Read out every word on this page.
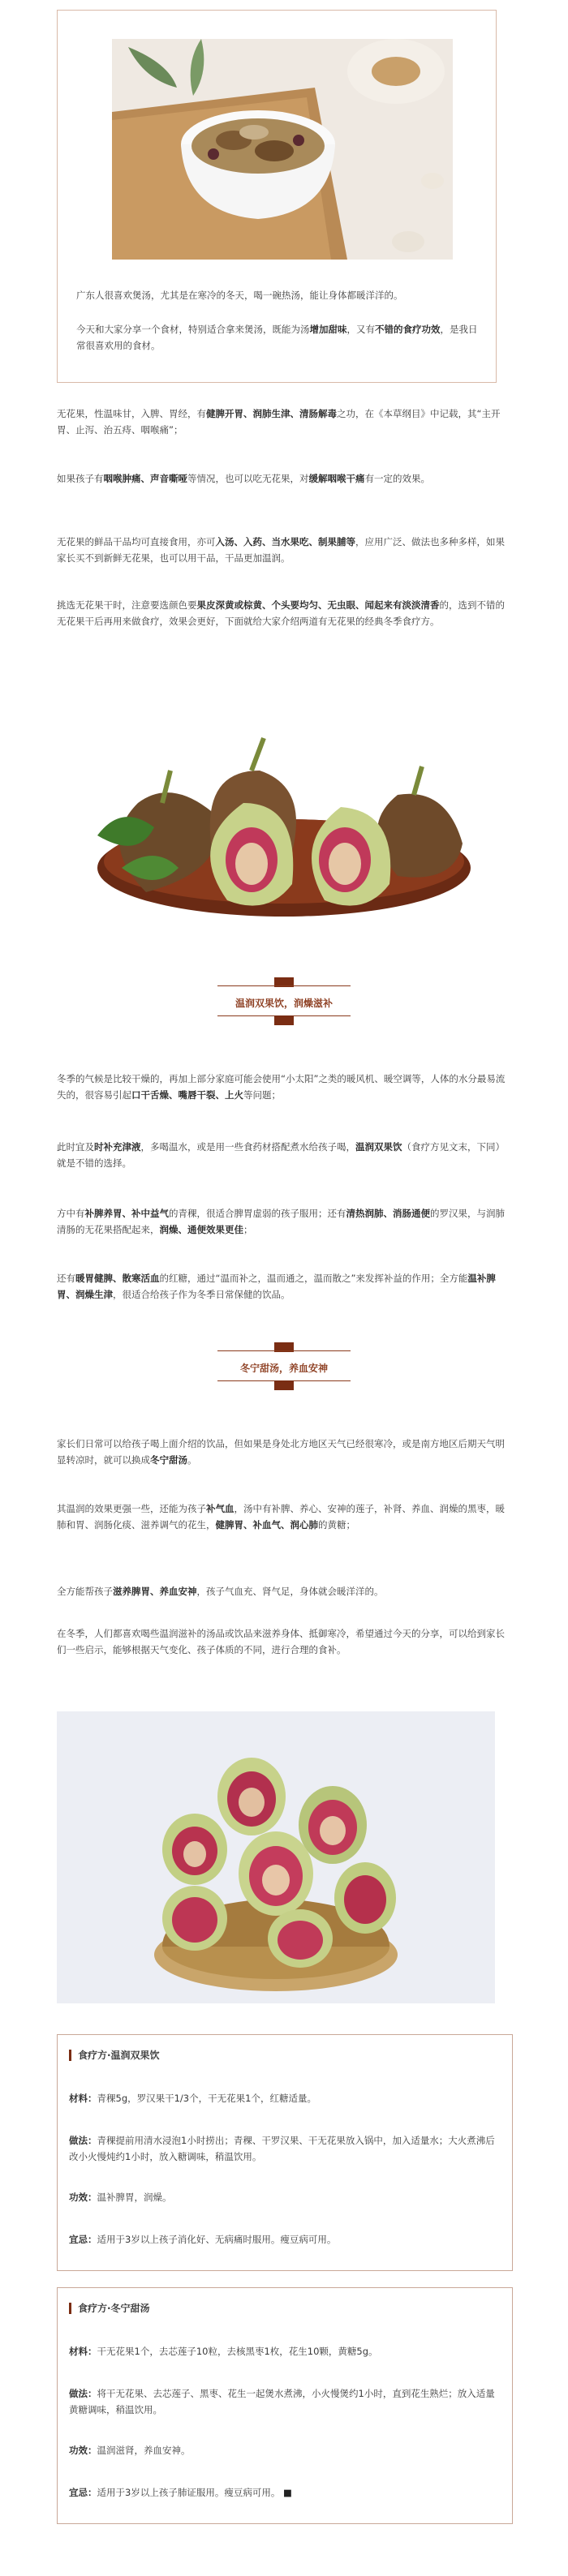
广东人很喜欢煲汤，尤其是在寒冷的冬天，喝一碗热汤，能让身体都暖洋洋的。
今天和大家分享一个食材，特别适合拿来煲汤，既能为汤增加甜味，又有不错的食疗功效，是我日常很喜欢用的食材。
无花果，性温味甘，入脾、胃经，有健脾开胃、润肺生津、清肠解毒之功，在《本草纲目》中记载，其“主开胃、止泻、治五痔、咽喉痛”；
如果孩子有咽喉肿痛、声音嘶哑等情况，也可以吃无花果，对缓解咽喉干痛有一定的效果。
无花果的鲜品干品均可直接食用，亦可入汤、入药、当水果吃、制果脯等，应用广泛、做法也多种多样，如果家长买不到新鲜无花果，也可以用干品，干品更加温润。
挑选无花果干时，注意要选颜色要果皮深黄或棕黄、个头要均匀、无虫眼、闻起来有淡淡清香的，选到不错的无花果干后再用来做食疗，效果会更好，下面就给大家介绍两道有无花果的经典冬季食疗方。
温润双果饮，润燥滋补
冬季的气候是比较干燥的，再加上部分家庭可能会使用“小太阳”之类的暖风机、暖空调等，人体的水分最易流失的，很容易引起口干舌燥、嘴唇干裂、上火等问题；
此时宜及时补充津液，多喝温水，或是用一些食药材搭配煮水给孩子喝，温润双果饮（食疗方见文末，下同）就是不错的选择。
方中有补脾养胃、补中益气的青稞，很适合脾胃虚弱的孩子服用；还有清热润肺、消肠通便的罗汉果，与润肺清肠的无花果搭配起来，润燥、通便效果更佳；
还有暖胃健脾、散寒活血的红糖，通过“温而补之，温而通之，温而散之”来发挥补益的作用；全方能温补脾胃、润燥生津，很适合给孩子作为冬季日常保健的饮品。
冬宁甜汤，养血安神
家长们日常可以给孩子喝上面介绍的饮品，但如果是身处北方地区天气已经很寒冷，或是南方地区后期天气明显转凉时，就可以换成冬宁甜汤。
其温润的效果更强一些，还能为孩子补气血，汤中有补脾、养心、安神的莲子，补肾、养血、润燥的黑枣，暖肺和胃、润肠化痰、滋养调气的花生，健脾胃、补血气、润心肺的黄糖；
全方能帮孩子滋养脾胃、养血安神，孩子气血充、肾气足，身体就会暖洋洋的。
在冬季，人们都喜欢喝些温润滋补的汤品或饮品来滋养身体、抵御寒冷，希望通过今天的分享，可以给到家长们一些启示，能够根据天气变化、孩子体质的不同，进行合理的食补。
食疗方·温润双果饮
材料：青稞5g，罗汉果干1/3个，干无花果1个，红糖适量。
做法：青稞提前用清水浸泡1小时捞出；青稞、干罗汉果、干无花果放入锅中，加入适量水；大火煮沸后改小火慢炖约1小时，放入糖调味，稍温饮用。
功效：温补脾胃，润燥。
宜忌：适用于3岁以上孩子消化好、无病痛时服用。瘦豆病可用。
食疗方·冬宁甜汤
材料：干无花果1个，去芯莲子10粒，去核黑枣1枚，花生10颗，黄糖5g。
做法：将干无花果、去芯莲子、黑枣、花生一起煲水煮沸，小火慢煲约1小时，直到花生熟烂；放入适量黄糖调味，稍温饮用。
功效：温润滋肾，养血安神。
宜忌：适用于3岁以上孩子肺证服用。瘦豆病可用。 ■
